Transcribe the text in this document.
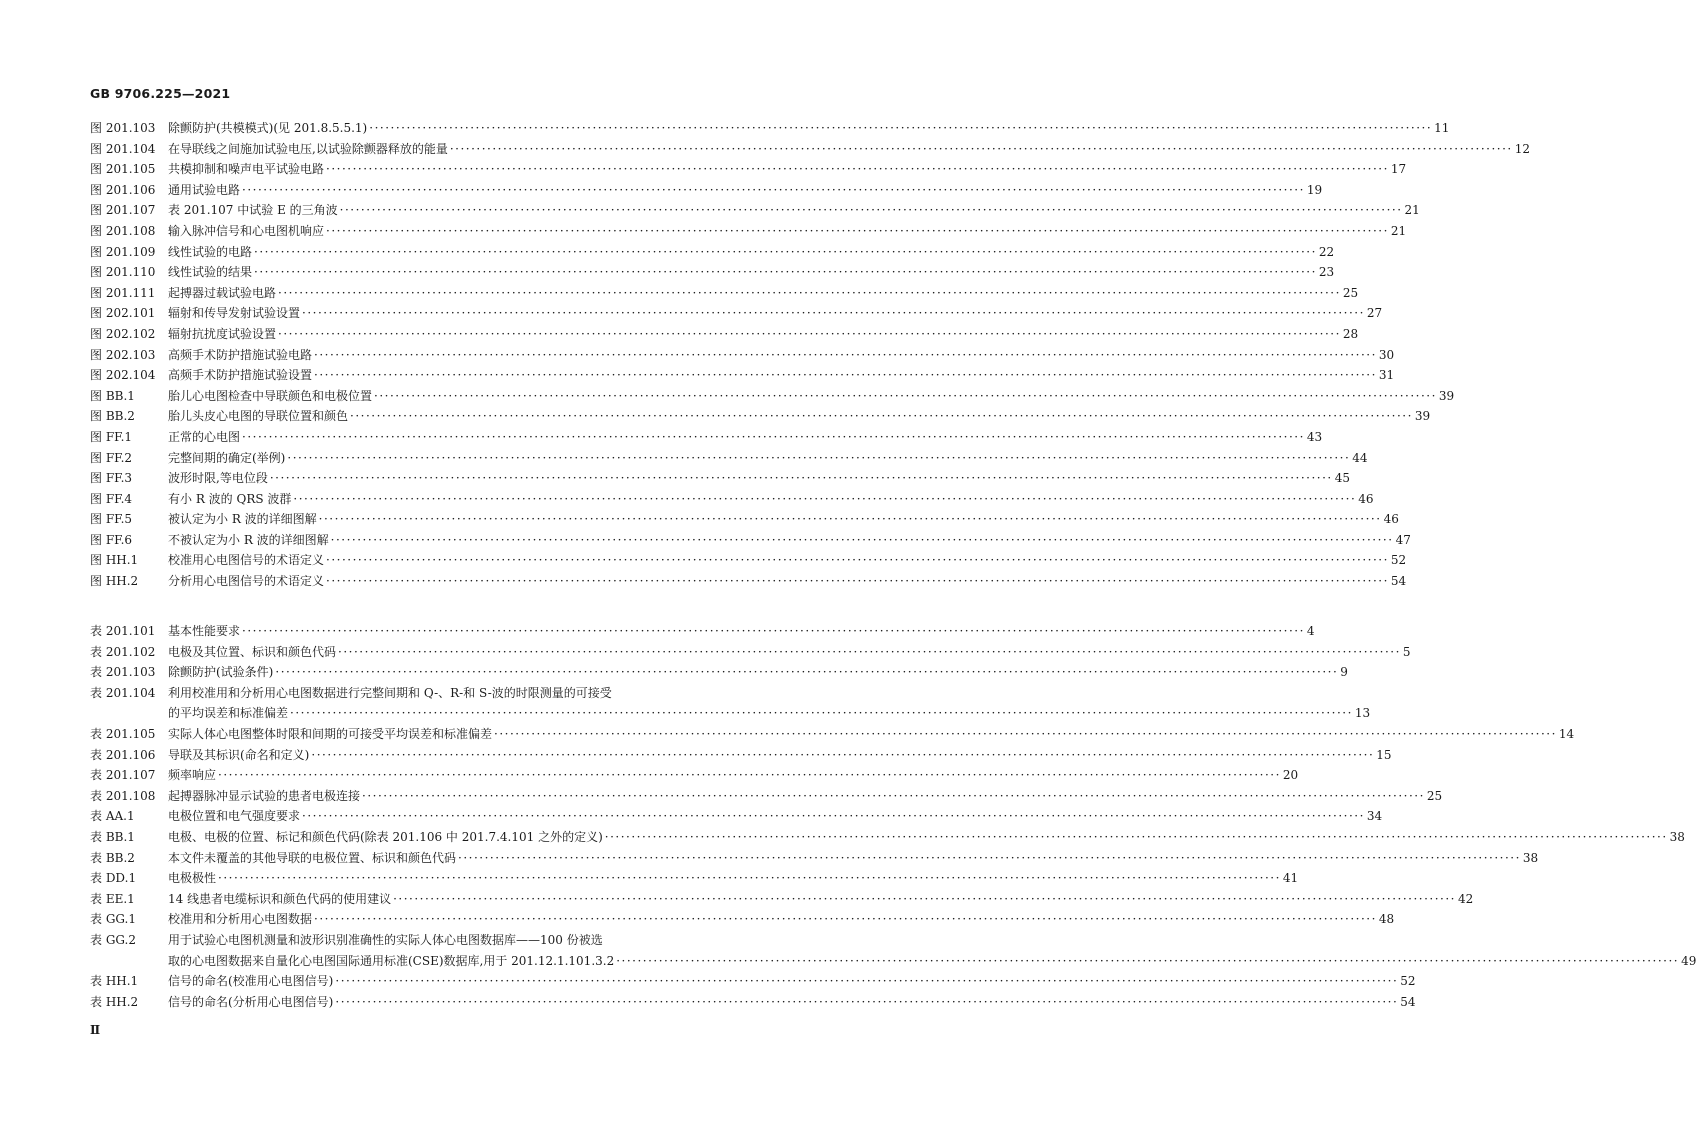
GB 9706.225—2021
图 201.103 除颤防护(共模模式)(见 201.8.5.5.1) ········································································································································································································ 11
图 201.104 在导联线之间施加试验电压,以试验除颤器释放的能量 ········································································································································································································ 12
图 201.105 共模抑制和噪声电平试验电路 ········································································································································································································ 17
图 201.106 通用试验电路 ········································································································································································································ 19
图 201.107 表 201.107 中试验 E 的三角波 ········································································································································································································ 21
图 201.108 输入脉冲信号和心电图机响应 ········································································································································································································ 21
图 201.109 线性试验的电路 ········································································································································································································ 22
图 201.110 线性试验的结果 ········································································································································································································ 23
图 201.111 起搏器过载试验电路 ········································································································································································································ 25
图 202.101 辐射和传导发射试验设置 ········································································································································································································ 27
图 202.102 辐射抗扰度试验设置 ········································································································································································································ 28
图 202.103 高频手术防护措施试验电路 ········································································································································································································ 30
图 202.104 高频手术防护措施试验设置 ········································································································································································································ 31
图 BB.1	胎儿心电图检查中导联颜色和电极位置 ········································································································································································································ 39
图 BB.2	胎儿头皮心电图的导联位置和颜色 ········································································································································································································ 39
图 FF.1	正常的心电图 ········································································································································································································ 43
图 FF.2	完整间期的确定(举例) ········································································································································································································ 44
图 FF.3	波形时限,等电位段 ········································································································································································································ 45
图 FF.4	有小 R 波的 QRS 波群 ········································································································································································································ 46
图 FF.5	被认定为小 R 波的详细图解 ········································································································································································································ 46
图 FF.6	不被认定为小 R 波的详细图解 ········································································································································································································ 47
图 HH.1 校准用心电图信号的术语定义 ········································································································································································································ 52
图 HH.2 分析用心电图信号的术语定义 ········································································································································································································ 54
表 201.101 基本性能要求 ········································································································································································································ 4
表 201.102 电极及其位置、标识和颜色代码 ········································································································································································································ 5
表 201.103 除颤防护(试验条件) ········································································································································································································ 9
表 201.104 利用校准用和分析用心电图数据进行完整间期和 Q-、R-和 S-波的时限测量的可接受
的平均误差和标准偏差 ········································································································································································································ 13
表 201.105 实际人体心电图整体时限和间期的可接受平均误差和标准偏差 ········································································································································································································ 14
表 201.106 导联及其标识(命名和定义) ········································································································································································································ 15
表 201.107 频率响应 ········································································································································································································ 20
表 201.108 起搏器脉冲显示试验的患者电极连接 ········································································································································································································ 25
表 AA.1	电极位置和电气强度要求 ········································································································································································································ 34
表 BB.1	电极、电极的位置、标记和颜色代码(除表 201.106 中 201.7.4.101 之外的定义) ········································································································································································································ 38
表 BB.2	本文件未覆盖的其他导联的电极位置、标识和颜色代码 ········································································································································································································ 38
表 DD.1	电极极性 ········································································································································································································ 41
表 EE.1	14 线患者电缆标识和颜色代码的使用建议 ········································································································································································································ 42
表 GG.1	校准用和分析用心电图数据 ········································································································································································································ 48
表 GG.2	用于试验心电图机测量和波形识别准确性的实际人体心电图数据库——100 份被选
取的心电图数据来自量化心电图国际通用标准(CSE)数据库,用于 201.12.1.101.3.2 ········································································································································································································ 49
表 HH.1 信号的命名(校准用心电图信号) ········································································································································································································ 52
表 HH.2 信号的命名(分析用心电图信号) ········································································································································································································ 54
Ⅱ
